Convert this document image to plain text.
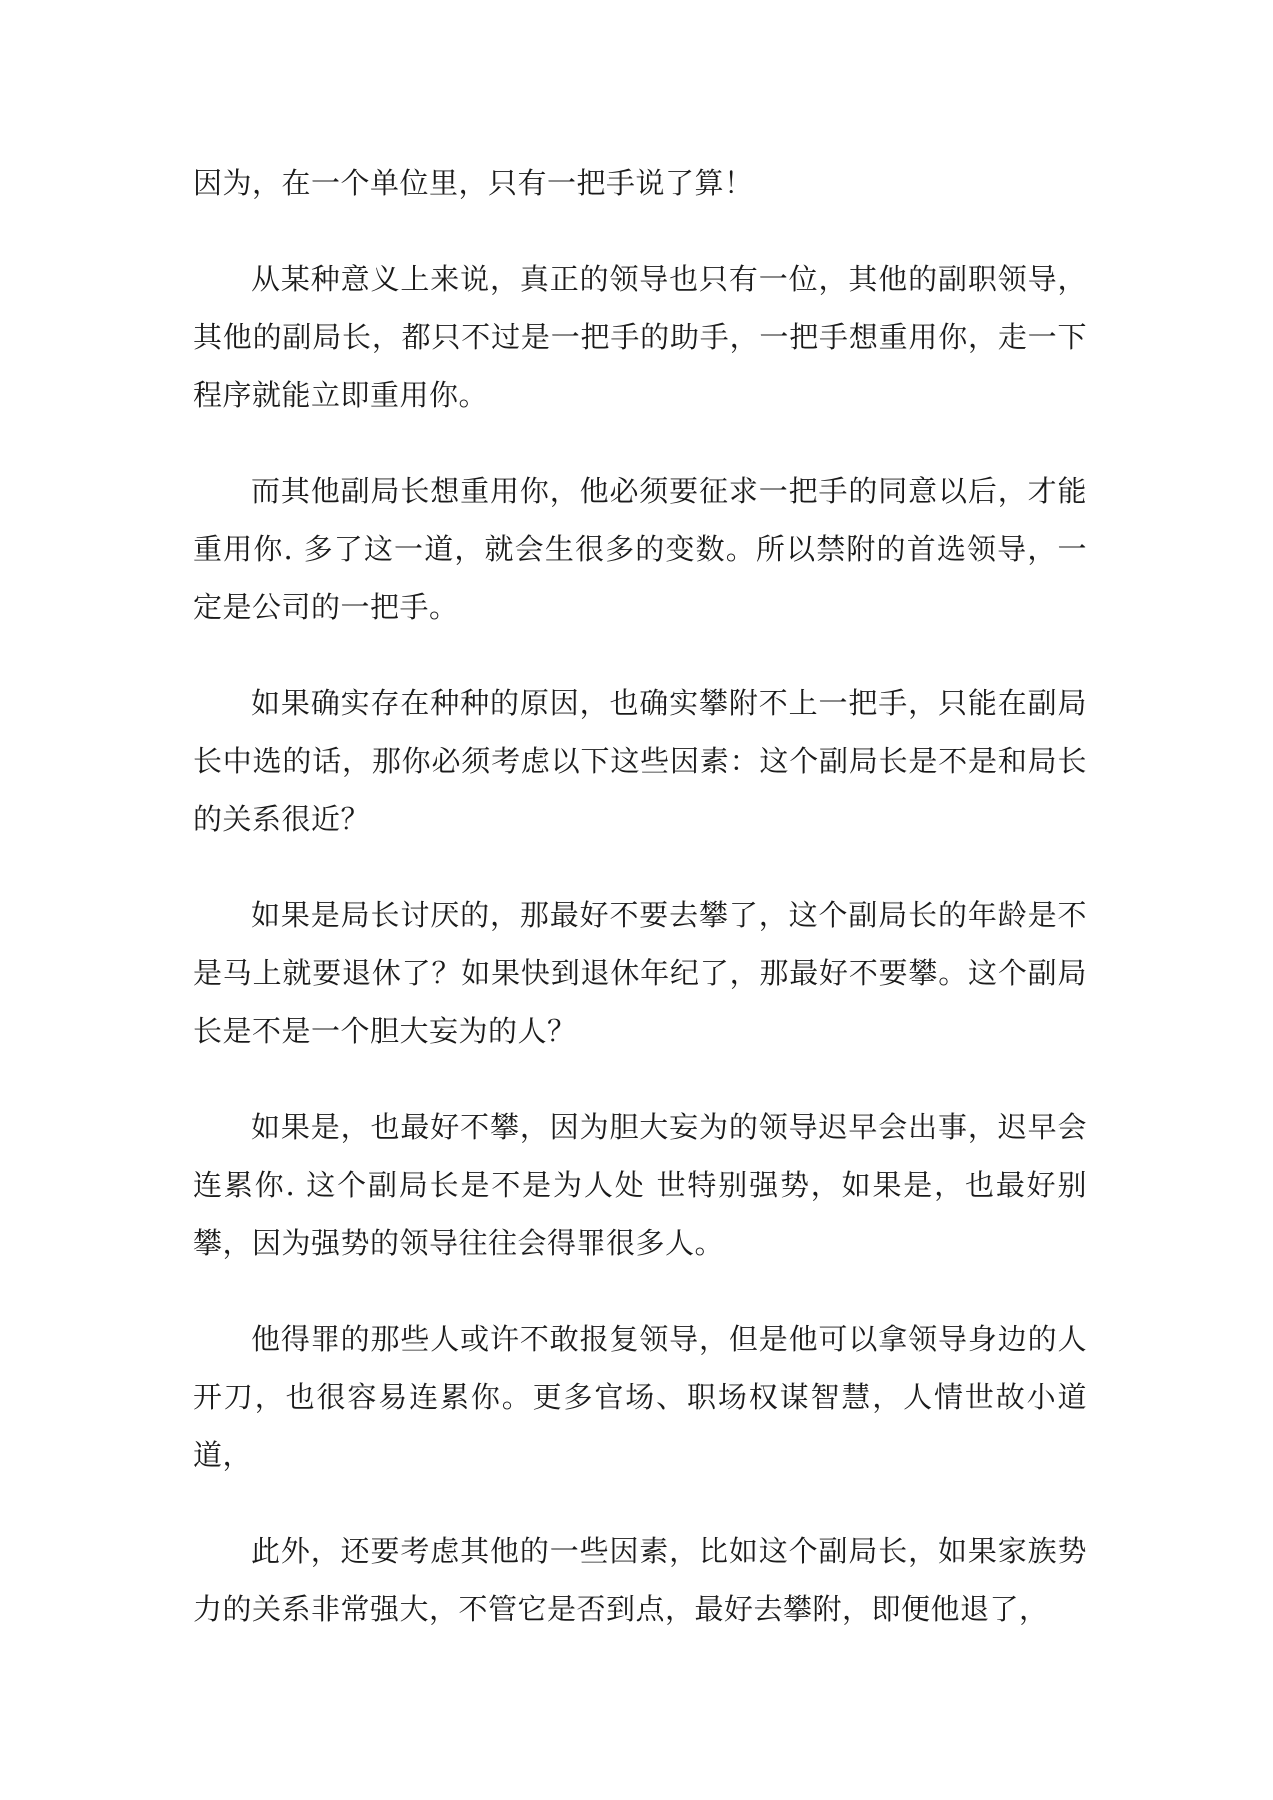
因为，在一个单位里，只有一把手说了算！

从某种意义上来说，真正的领导也只有一位，其他的副职领导，其他的副局长，都只不过是一把手的助手，一把手想重用你，走一下程序就能立即重用你。

而其他副局长想重用你，他必须要征求一把手的同意以后，才能重用你. 多了这一道，就会生很多的变数。所以禁附的首选领导，一定是公司的一把手。

如果确实存在种种的原因，也确实攀附不上一把手，只能在副局长中选的话，那你必须考虑以下这些因素：这个副局长是不是和局长 的关系很近？

如果是局长讨厌的，那最好不要去攀了，这个副局长的年龄是不是马上就要退休了？如果快到退休年纪了，那最好不要攀。这个副局长是不是一个胆大妄为的人？

如果是，也最好不攀，因为胆大妄为的领导迟早会出事，迟早会连累你. 这个副局长是不是为人处 世特别强势，如果是，也最好别攀，因为强势的领导往往会得罪很多人。

他得罪的那些人或许不敢报复领导，但是他可以拿领导身边的人开刀，也很容易连累你。更多官场、职场权谋智慧，人情世故小道道，

此外，还要考虑其他的一些因素，比如这个副局长，如果家族势 力的关系非常强大，不管它是否到点，最好去攀附，即便他退了，
